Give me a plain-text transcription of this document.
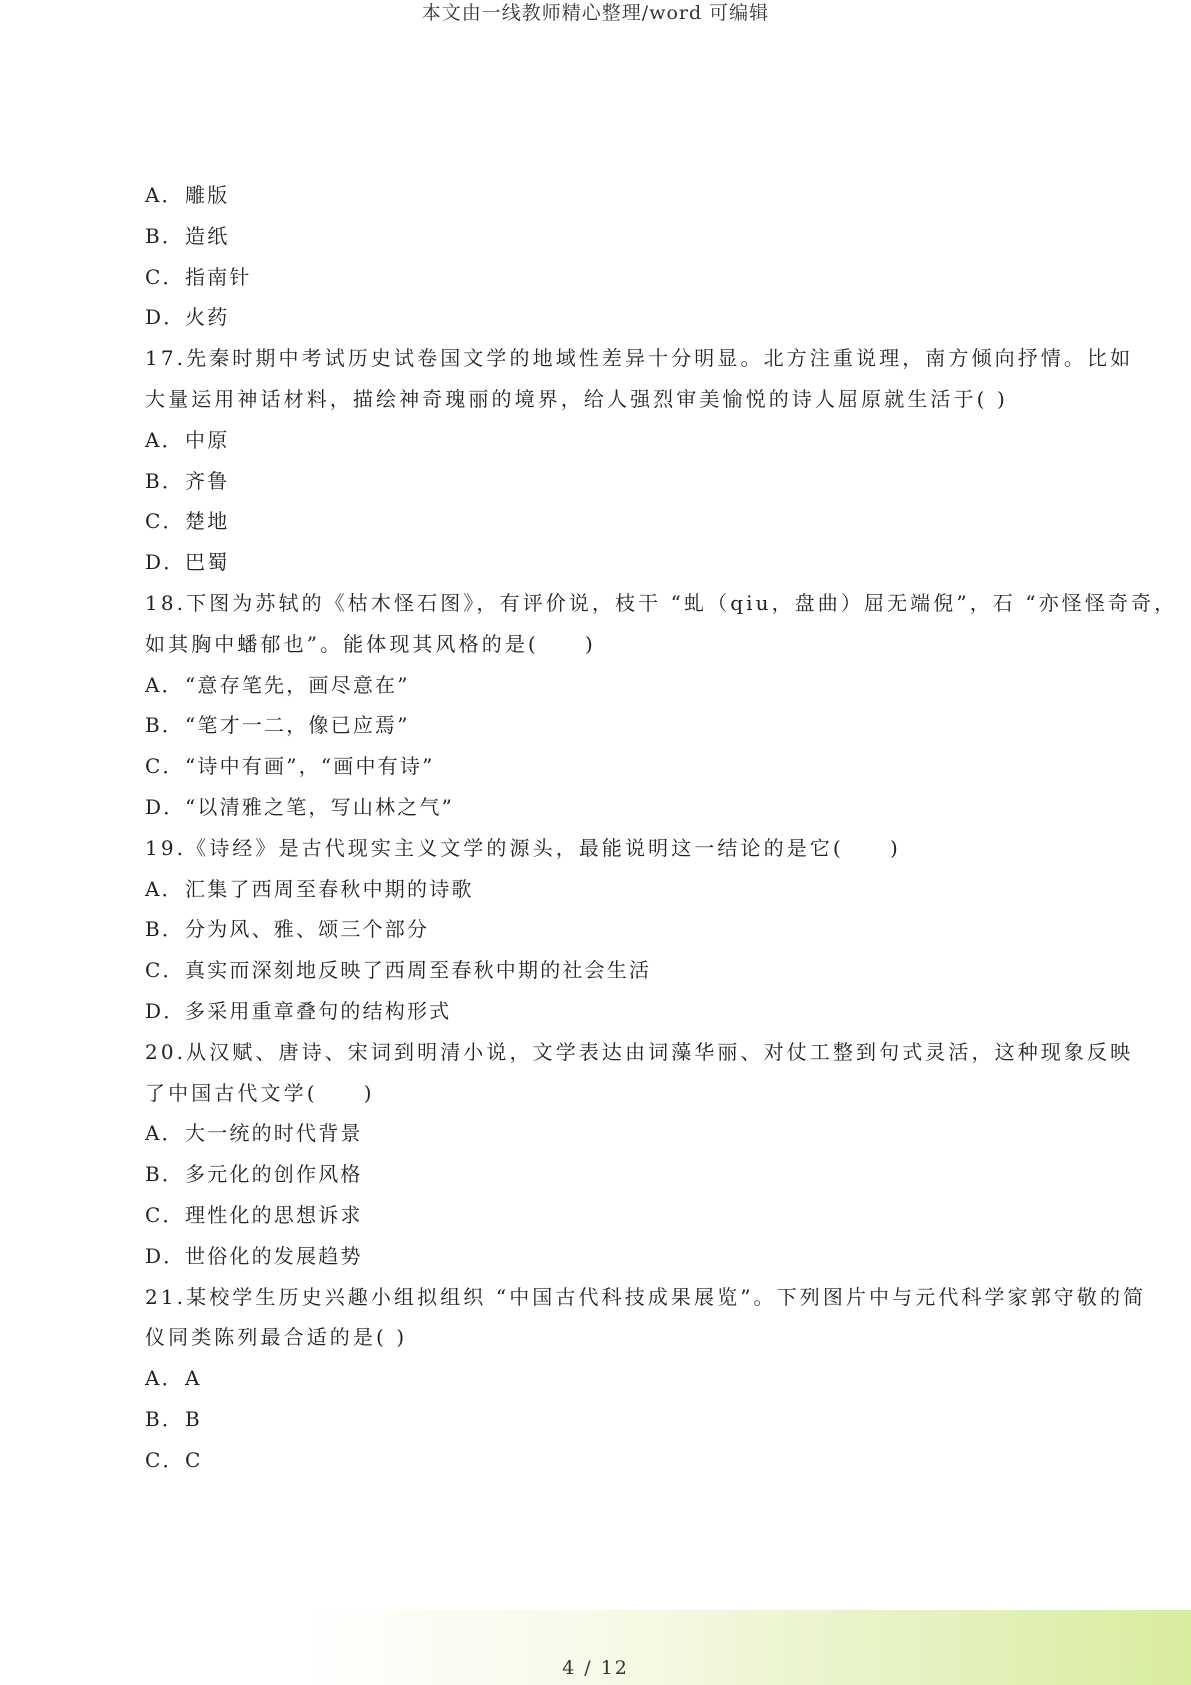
本文由一线教师精心整理/word 可编辑
A． 雕版
B． 造纸
C． 指南针
D． 火药
17.先秦时期中考试历史试卷国文学的地域性差异十分明显。北方注重说理，南方倾向抒情。比如
大量运用神话材料，描绘神奇瑰丽的境界，给人强烈审美愉悦的诗人屈原就生活于( )
A． 中原
B． 齐鲁
C． 楚地
D． 巴蜀
18.下图为苏轼的《枯木怪石图》，有评价说，枝干 “虬（qiu，盘曲）屈无端倪”，石 “亦怪怪奇奇，
如其胸中蟠郁也”。能体现其风格的是(　　)
A． “意存笔先，画尽意在”
B． “笔才一二，像已应焉”
C． “诗中有画”，“画中有诗”
D． “以清雅之笔，写山林之气”
19.《诗经》是古代现实主义文学的源头，最能说明这一结论的是它(　　)
A． 汇集了西周至春秋中期的诗歌
B． 分为风、雅、颂三个部分
C． 真实而深刻地反映了西周至春秋中期的社会生活
D． 多采用重章叠句的结构形式
20.从汉赋、唐诗、宋词到明清小说，文学表达由词藻华丽、对仗工整到句式灵活，这种现象反映
了中国古代文学(　　)
A． 大一统的时代背景
B． 多元化的创作风格
C． 理性化的思想诉求
D． 世俗化的发展趋势
21.某校学生历史兴趣小组拟组织 “中国古代科技成果展览”。下列图片中与元代科学家郭守敬的简
仪同类陈列最合适的是( )
A． A
B． B
C． C
4 / 12
